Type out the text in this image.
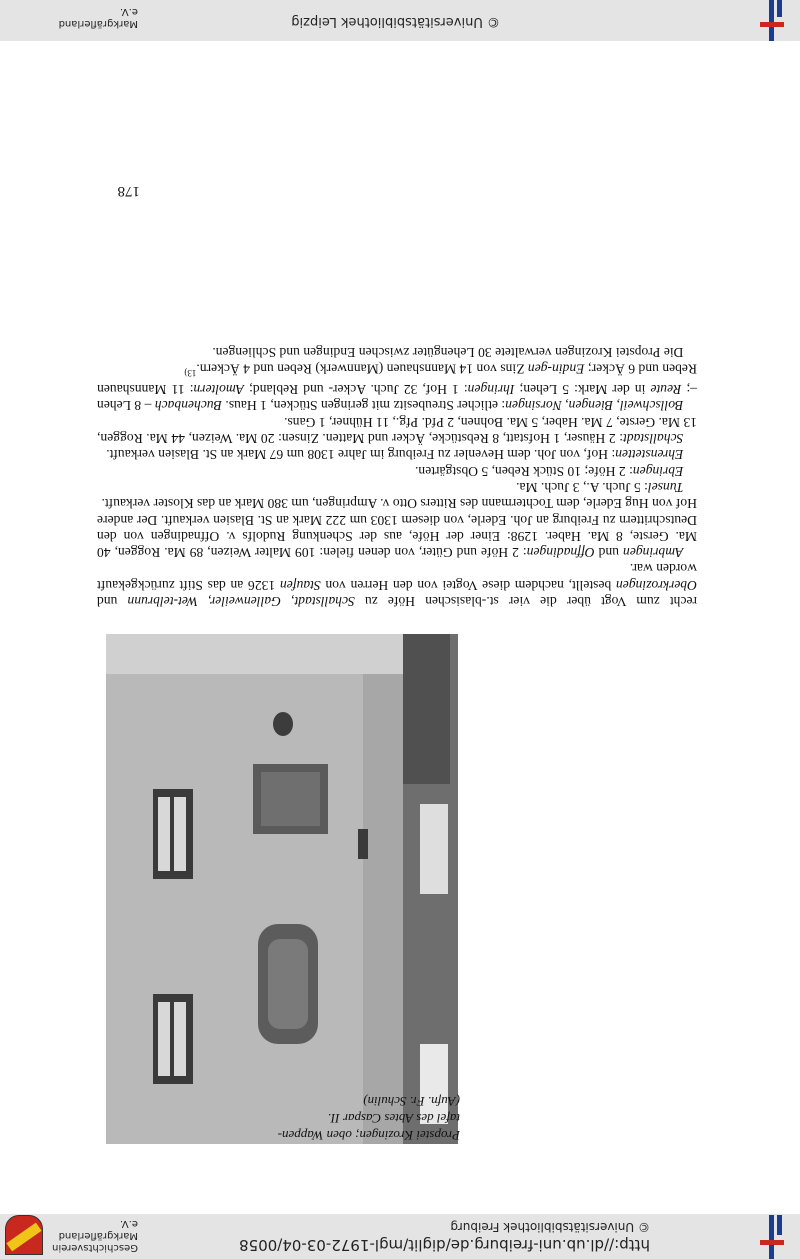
http://dl.ub.uni-freiburg.de/diglit/mgl-1972-03-04/0058
© Universitätsbibliothek Freiburg
Geschichtsverein
Markgräflerland e.V.
© Universitätsbibliothek Leipzig
Markgräflerland e.V.
Propstei Krozingen; oben Wappen-
tafel des Abtes Caspar II.

(Aufn. Fr. Schulin)

recht zum Vogt über die vier st.-blasischen Höfe zu Schallstadt, Gallenweiler, Wet-telbrunn und Oberkrozingen bestellt, nachdem diese Vogtei von den Herren von Staufen 1326 an das Stift zurückgekauft worden war.

 Ambringen und Offnadingen: 2 Höfe und Güter, von denen fielen: 109 Malter Weizen, 89 Ma. Roggen, 40 Ma. Gerste, 8 Ma. Haber. 1298: Einer der Höfe, aus der Schenkung Rudolfs v. Offnadingen von den Deutschrittern zu Freiburg an Joh. Ederle, von diesem 1303 um 222 Mark an St. Blasien verkauft. Der andere Hof von Hug Ederle, dem Tochtermann des Ritters Otto v. Ampringen, um 380 Mark an das Kloster verkauft.

 Tunsel: 5 Juch. A., 3 Juch. Ma.

 Ebringen: 2 Höfe; 10 Stück Reben, 5 Obstgärten.

 Ehrenstetten: Hof, von Joh. dem Hevenler zu Freiburg im Jahre 1308 um 67 Mark an St. Blasien verkauft.

 Schallstadt: 2 Häuser, 1 Hofstatt, 8 Rebstücke, Äcker und Matten. Zinsen: 20 Ma. Weizen, 44 Ma. Roggen, 13 Ma. Gerste, 7 Ma. Haber, 5 Ma. Bohnen, 2 Pfd. Pfg., 11 Hühner, 1 Gans.

 Bollschweil, Biengen, Norsingen: etlicher Streubesitz mit geringen Stücken, 1 Haus. Buchenbach – 8 Lehen –; Reute in der Mark: 5 Lehen; Ihringen: 1 Hof, 32 Juch. Acker- und Rebland; Amoltern: 11 Mannshauen Reben und 6 Äcker; Endin-gen Zins von 14 Mannshauen (Mannwerk) Reben und 4 Äckern.$^{13)}$

 Die Propstei Krozingen verwaltete 30 Lehengüter zwischen Endingen und Schliengen.

178
